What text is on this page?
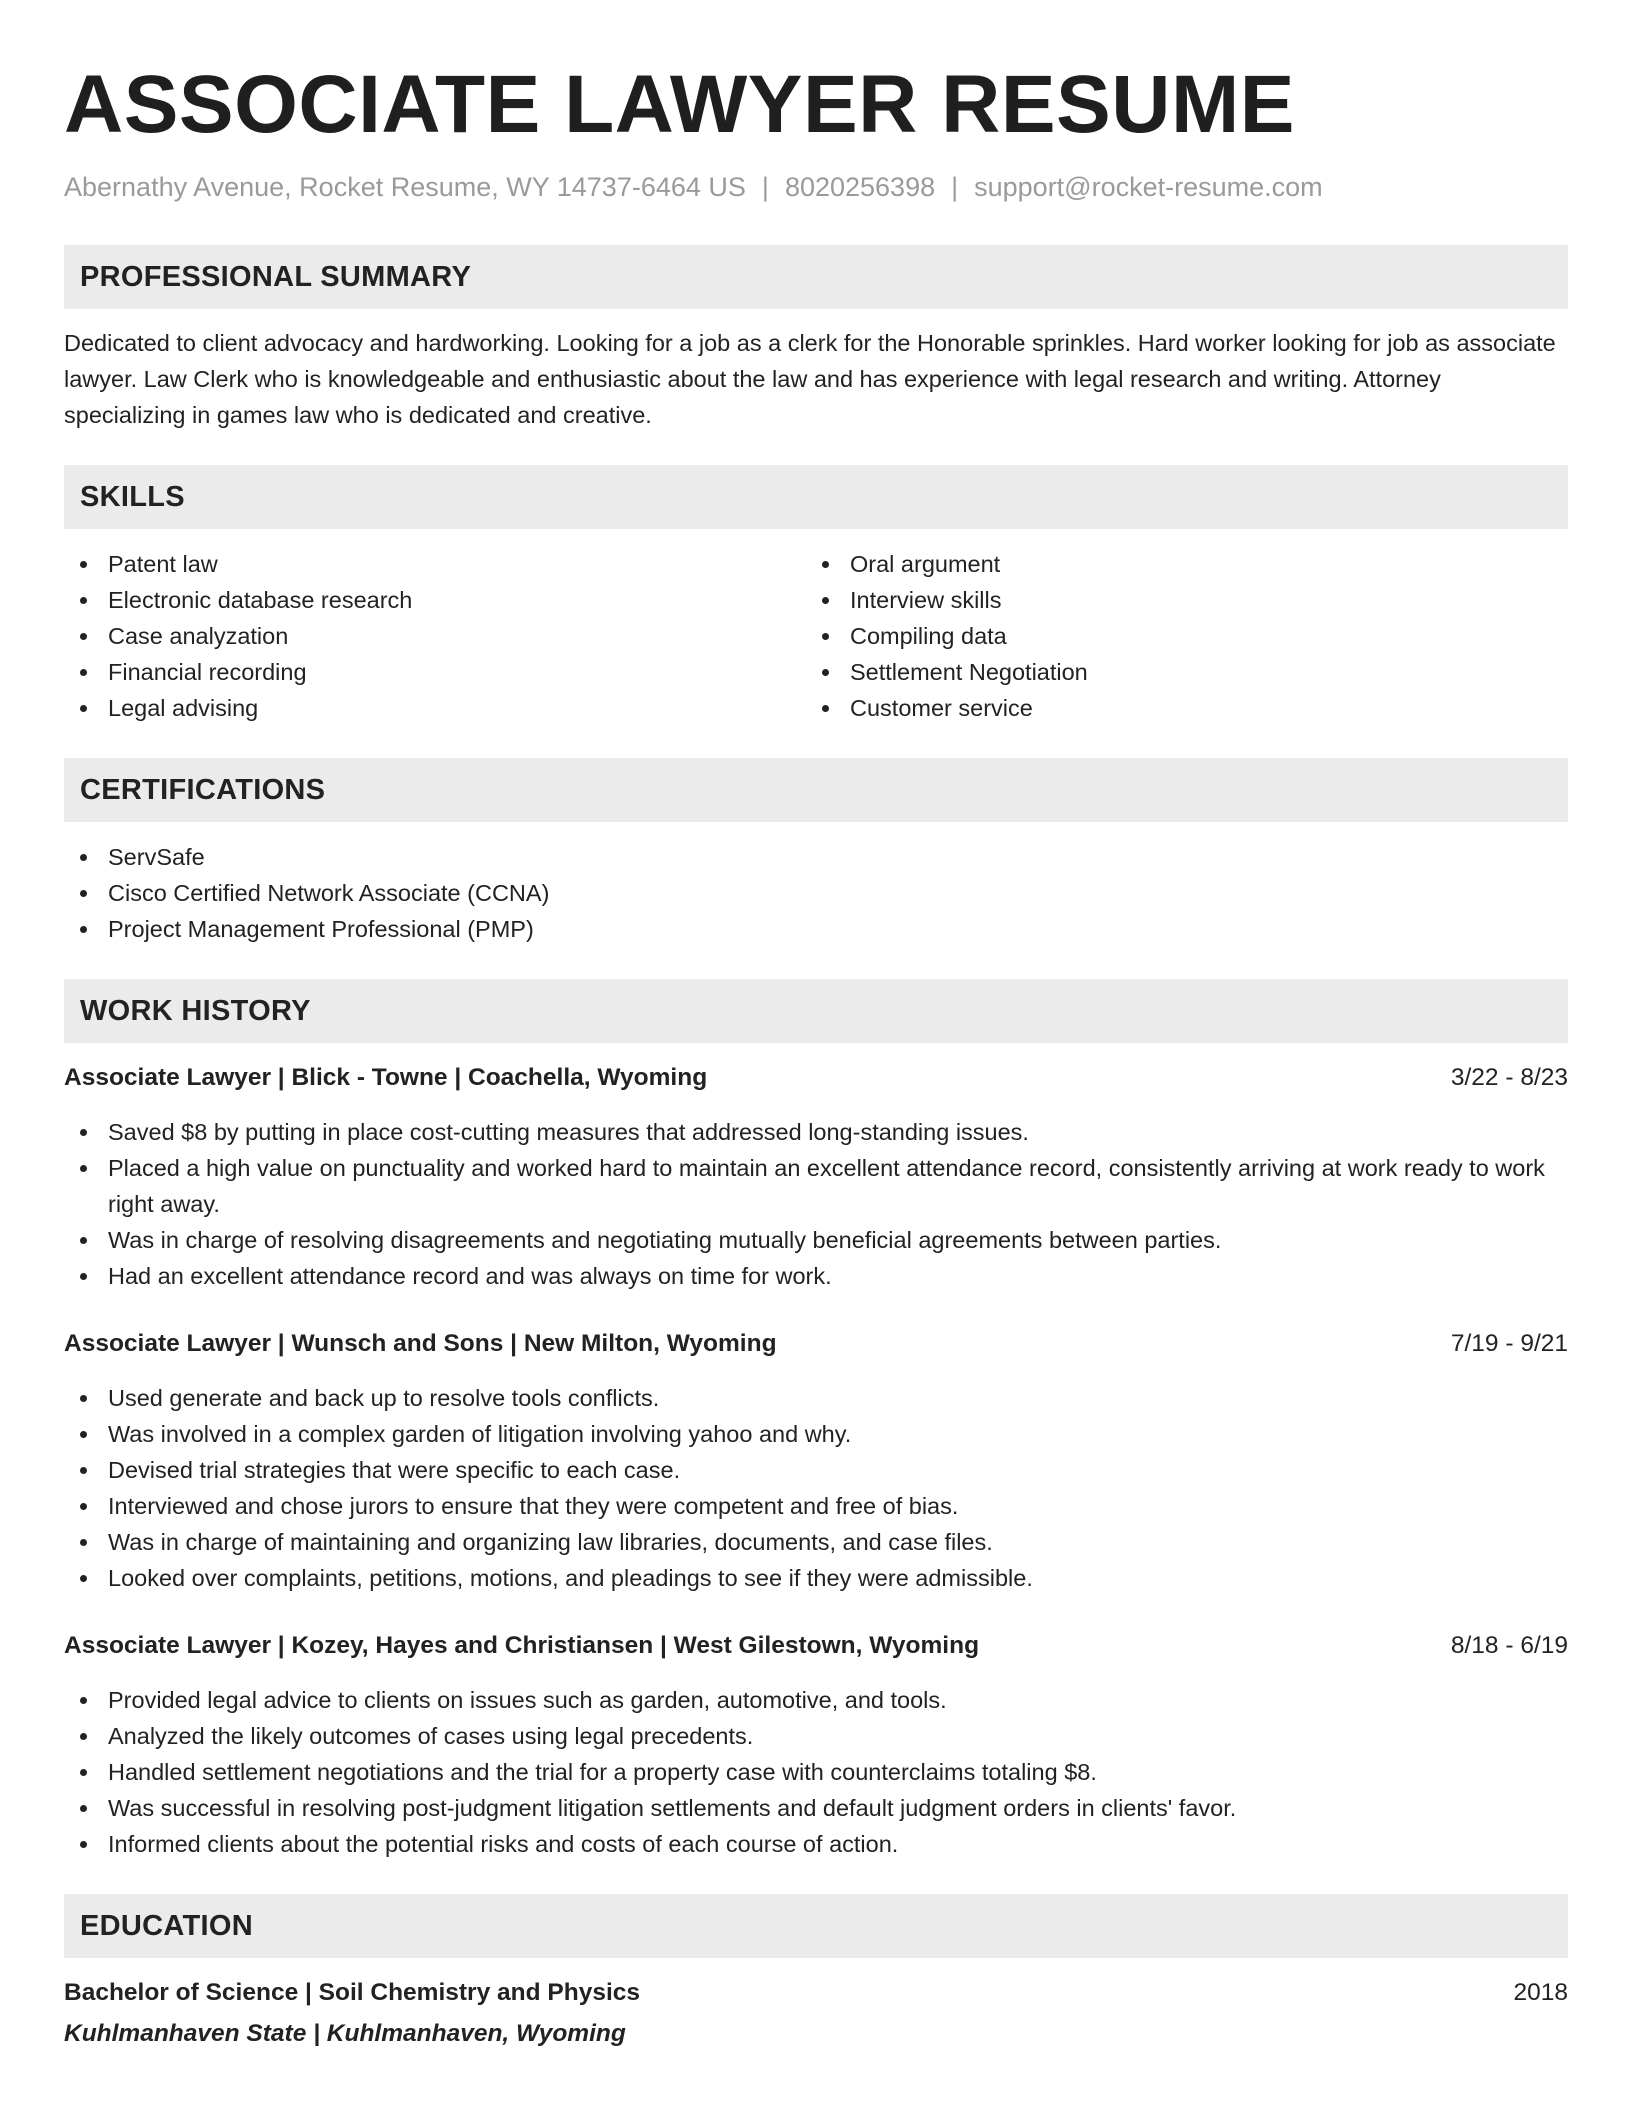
ASSOCIATE LAWYER RESUME
Abernathy Avenue, Rocket Resume, WY 14737-6464 US | 8020256398 | support@rocket-resume.com
PROFESSIONAL SUMMARY

Dedicated to client advocacy and hardworking. Looking for a job as a clerk for the Honorable sprinkles. Hard worker looking for job as associate lawyer. Law Clerk who is knowledgeable and enthusiastic about the law and has experience with legal research and writing. Attorney specializing in games law who is dedicated and creative.

SKILLS
Patent law
Electronic database research
Case analyzation
Financial recording
Legal advising
Oral argument
Interview skills
Compiling data
Settlement Negotiation
Customer service
CERTIFICATIONS
ServSafe
Cisco Certified Network Associate (CCNA)
Project Management Professional (PMP)
WORK HISTORY
Associate Lawyer | Blick - Towne | Coachella, Wyoming	3/22 - 8/23
Saved $8 by putting in place cost-cutting measures that addressed long-standing issues.
Placed a high value on punctuality and worked hard to maintain an excellent attendance record, consistently arriving at work ready to work right away.
Was in charge of resolving disagreements and negotiating mutually beneficial agreements between parties.
Had an excellent attendance record and was always on time for work.
Associate Lawyer | Wunsch and Sons | New Milton, Wyoming	7/19 - 9/21
Used generate and back up to resolve tools conflicts.
Was involved in a complex garden of litigation involving yahoo and why.
Devised trial strategies that were specific to each case.
Interviewed and chose jurors to ensure that they were competent and free of bias.
Was in charge of maintaining and organizing law libraries, documents, and case files.
Looked over complaints, petitions, motions, and pleadings to see if they were admissible.
Associate Lawyer | Kozey, Hayes and Christiansen | West Gilestown, Wyoming	8/18 - 6/19
Provided legal advice to clients on issues such as garden, automotive, and tools.
Analyzed the likely outcomes of cases using legal precedents.
Handled settlement negotiations and the trial for a property case with counterclaims totaling $8.
Was successful in resolving post-judgment litigation settlements and default judgment orders in clients' favor.
Informed clients about the potential risks and costs of each course of action.
EDUCATION
Bachelor of Science | Soil Chemistry and Physics	2018
Kuhlmanhaven State | Kuhlmanhaven, Wyoming
